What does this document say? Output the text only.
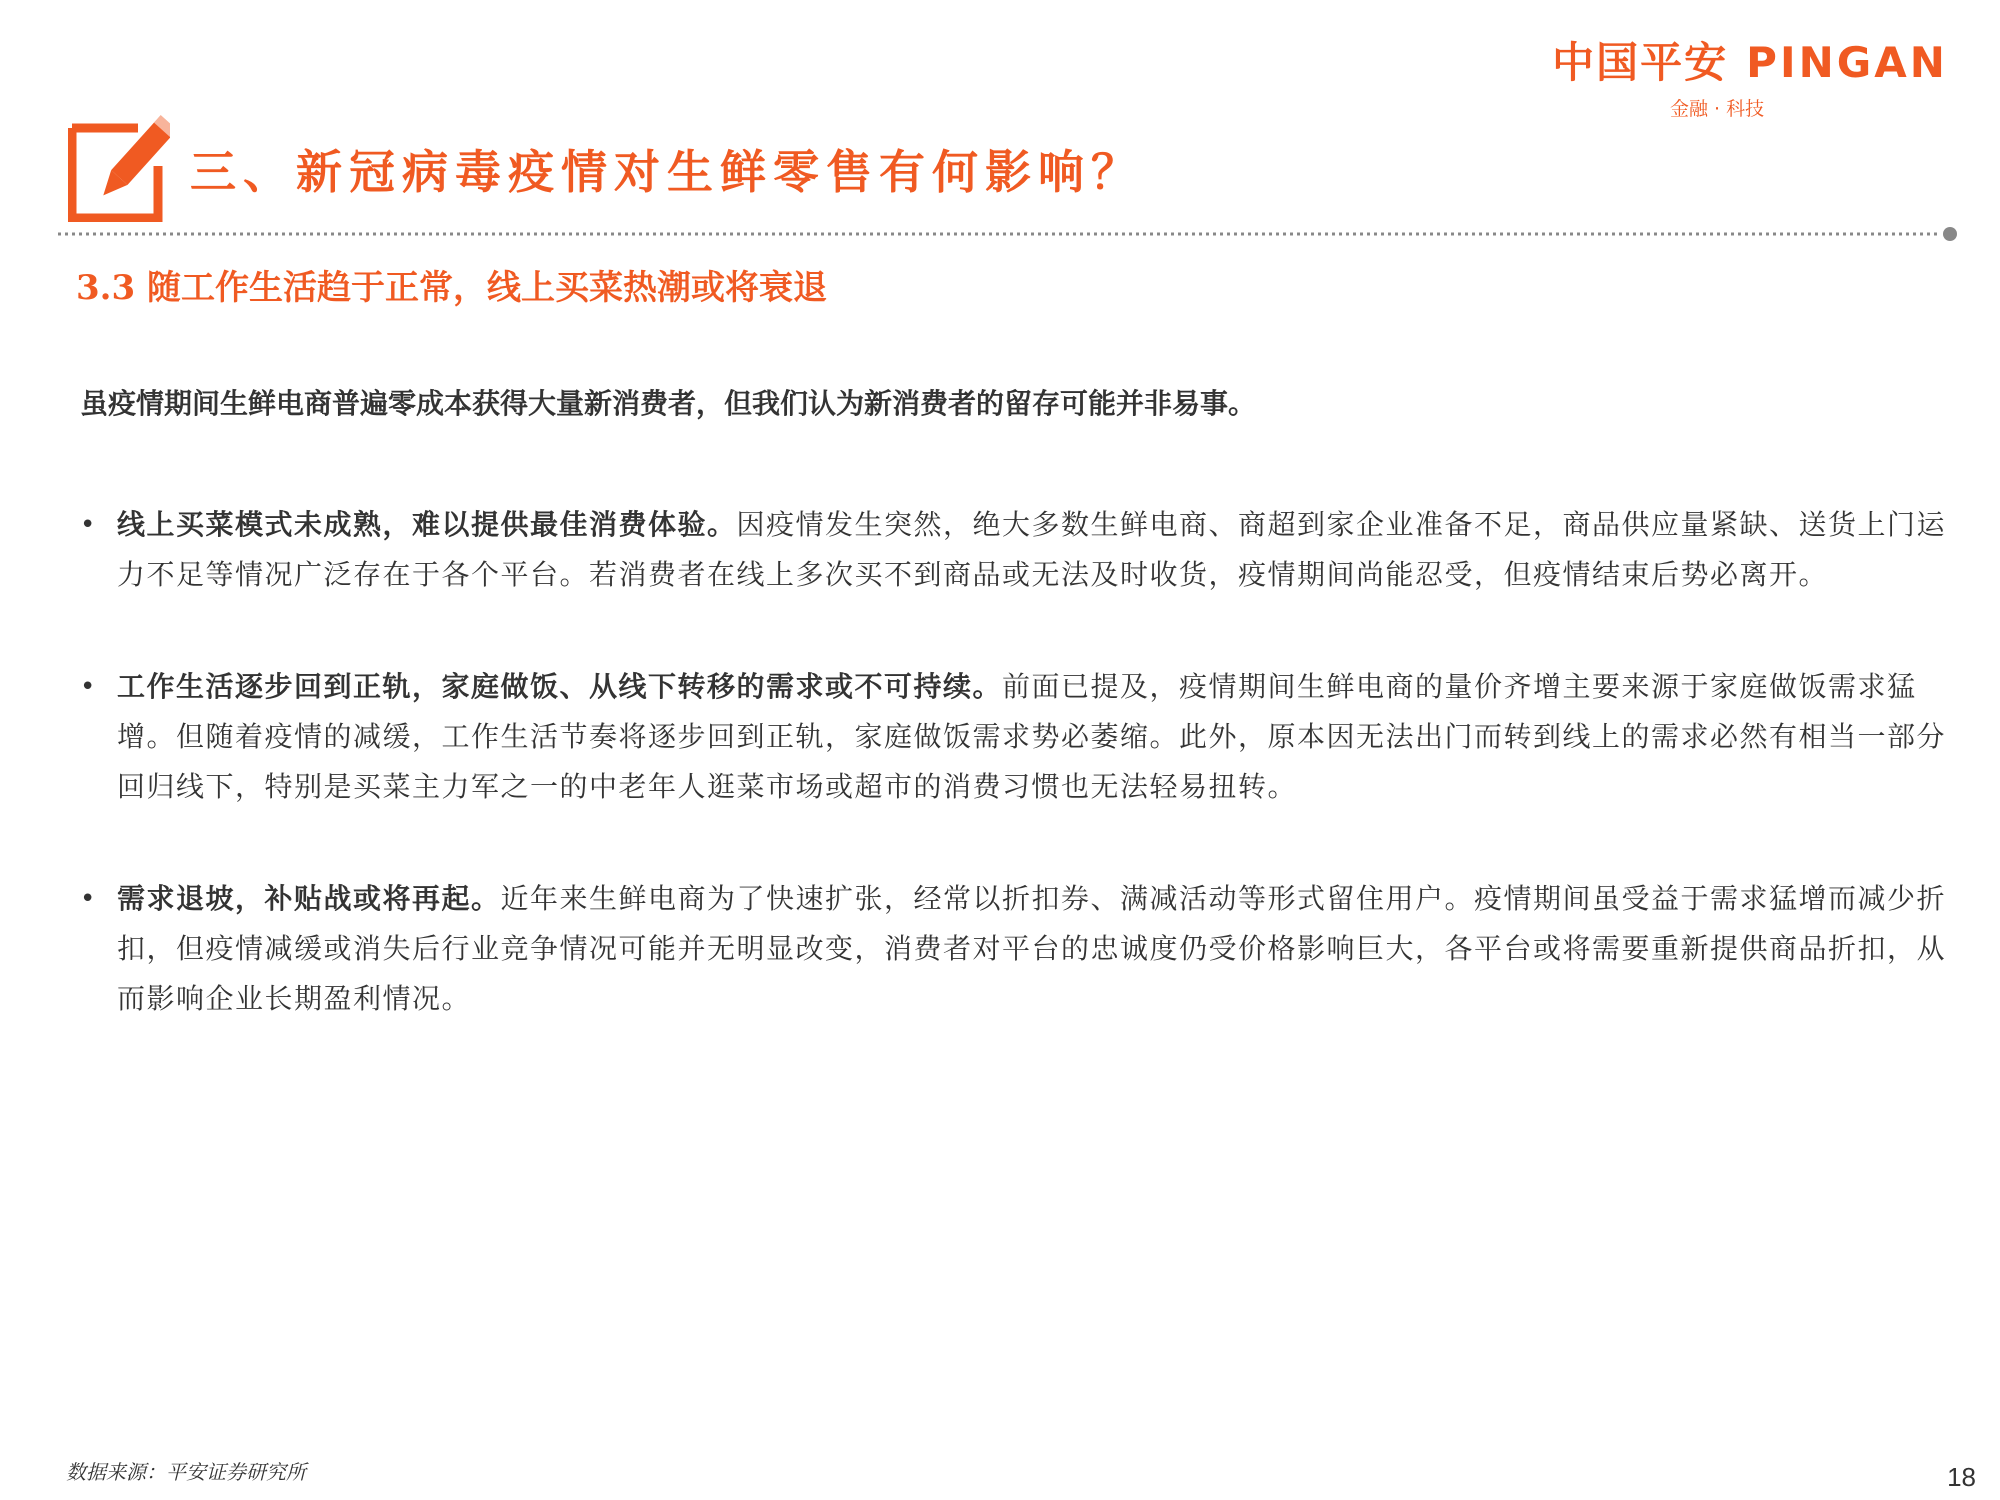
中国平安 PINGAN
金融 · 科技
三、新冠病毒疫情对生鲜零售有何影响？
3.3 随工作生活趋于正常，线上买菜热潮或将衰退
虽疫情期间生鲜电商普遍零成本获得大量新消费者，但我们认为新消费者的留存可能并非易事。
• 线上买菜模式未成熟，难以提供最佳消费体验。因疫情发生突然，绝大多数生鲜电商、商超到家企业准备不足，商品供应量紧缺、送货上门运力不足等情况广泛存在于各个平台。若消费者在线上多次买不到商品或无法及时收货，疫情期间尚能忍受，但疫情结束后势必离开。
• 工作生活逐步回到正轨，家庭做饭、从线下转移的需求或不可持续。前面已提及，疫情期间生鲜电商的量价齐增主要来源于家庭做饭需求猛增。但随着疫情的减缓，工作生活节奏将逐步回到正轨，家庭做饭需求势必萎缩。此外，原本因无法出门而转到线上的需求必然有相当一部分回归线下，特别是买菜主力军之一的中老年人逛菜市场或超市的消费习惯也无法轻易扭转。
• 需求退坡，补贴战或将再起。近年来生鲜电商为了快速扩张，经常以折扣券、满减活动等形式留住用户。疫情期间虽受益于需求猛增而减少折扣，但疫情减缓或消失后行业竞争情况可能并无明显改变，消费者对平台的忠诚度仍受价格影响巨大，各平台或将需要重新提供商品折扣，从而影响企业长期盈利情况。
数据来源：平安证券研究所	18
